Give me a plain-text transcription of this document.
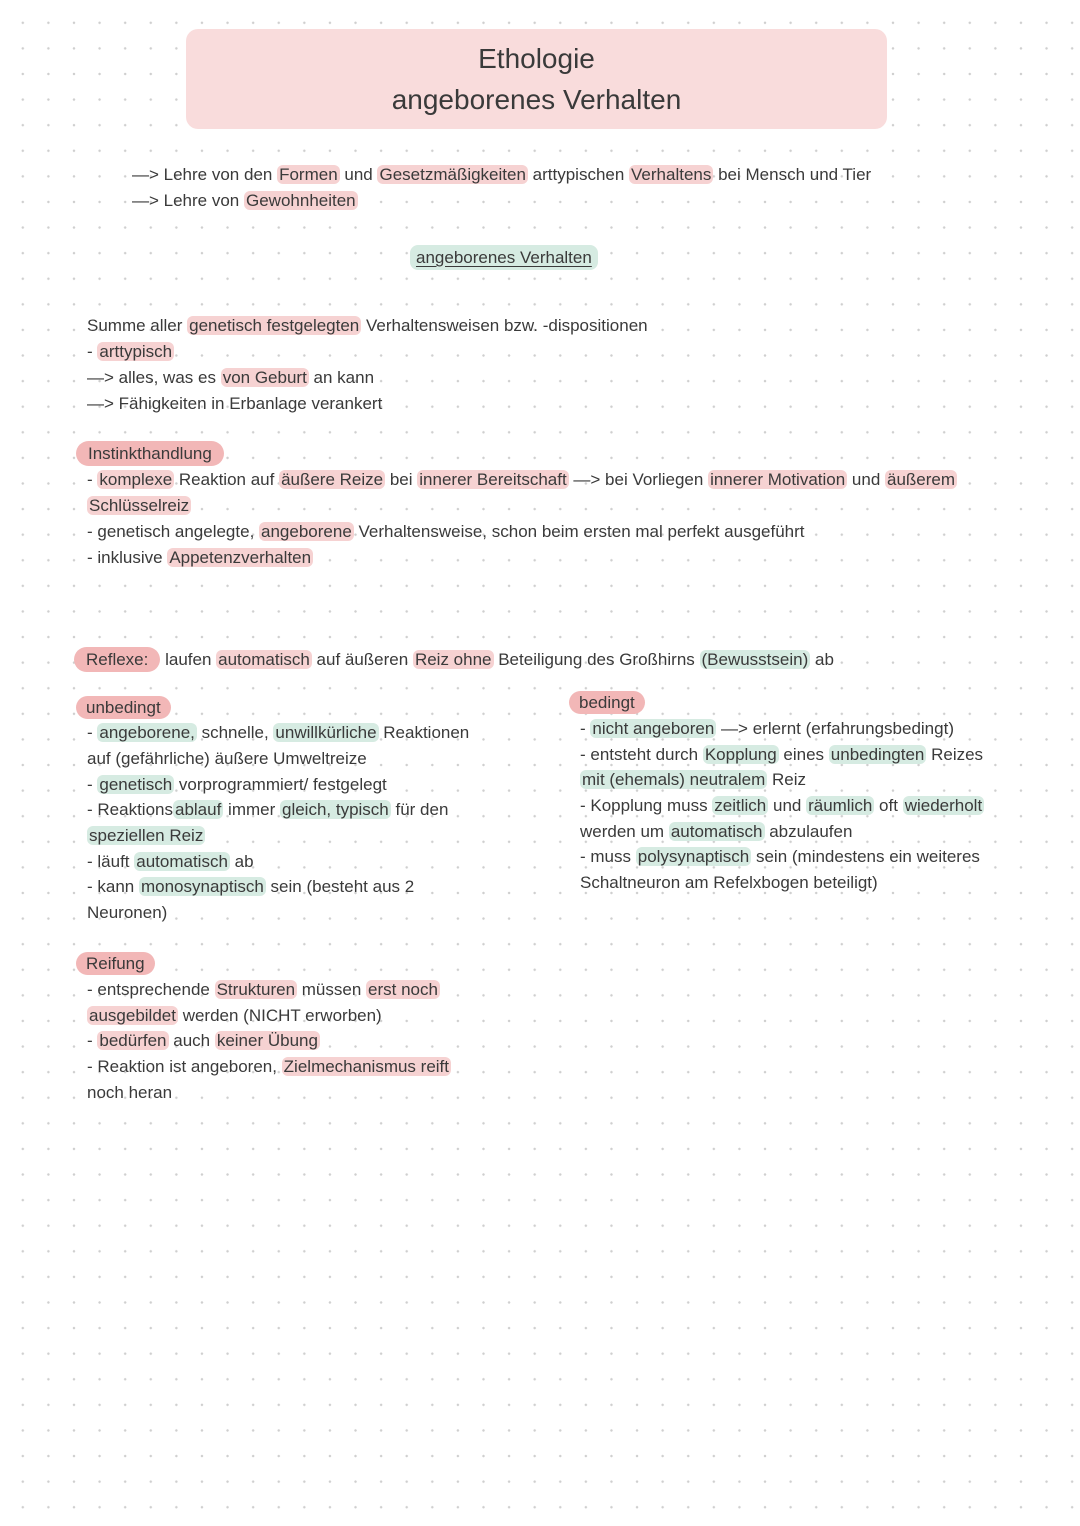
Ethologie
angeborenes Verhalten
—> Lehre von den Formen und Gesetzmäßigkeiten arttypischen Verhaltens bei Mensch und Tier
—> Lehre von Gewohnheiten
angeborenes Verhalten
Summe aller genetisch festgelegten Verhaltensweisen bzw. -dispositionen
- arttypisch
—> alles, was es von Geburt an kann
—> Fähigkeiten in Erbanlage verankert
Instinkthandlung
- komplexe Reaktion auf äußere Reize bei innerer Bereitschaft —> bei Vorliegen innerer Motivation und äußerem
Schlüsselreiz
- genetisch angelegte, angeborene Verhaltensweise, schon beim ersten mal perfekt ausgeführt
- inklusive Appetenzverhalten
Reflexe: laufen automatisch auf äußeren Reiz ohne Beteiligung des Großhirns (Bewusstsein) ab
unbedingt
- angeborene, schnelle, unwillkürliche Reaktionen
auf (gefährliche) äußere Umweltreize
- genetisch vorprogrammiert/ festgelegt
- Reaktions ablauf immer gleich, typisch für den
speziellen Reiz
- läuft automatisch ab
- kann monosynaptisch sein (besteht aus 2
Neuronen)
bedingt
- nicht angeboren —> erlernt (erfahrungsbedingt)
- entsteht durch Kopplung eines unbedingten Reizes
mit (ehemals) neutralem Reiz
- Kopplung muss zeitlich und räumlich oft wiederholt
werden um automatisch abzulaufen
- muss polysynaptisch sein (mindestens ein weiteres
Schaltneuron am Refelxbogen beteiligt)
Reifung
- entsprechende Strukturen müssen erst noch
ausgebildet werden (NICHT erworben)
- bedürfen auch keiner Übung
- Reaktion ist angeboren, Zielmechanismus reift
noch heran
